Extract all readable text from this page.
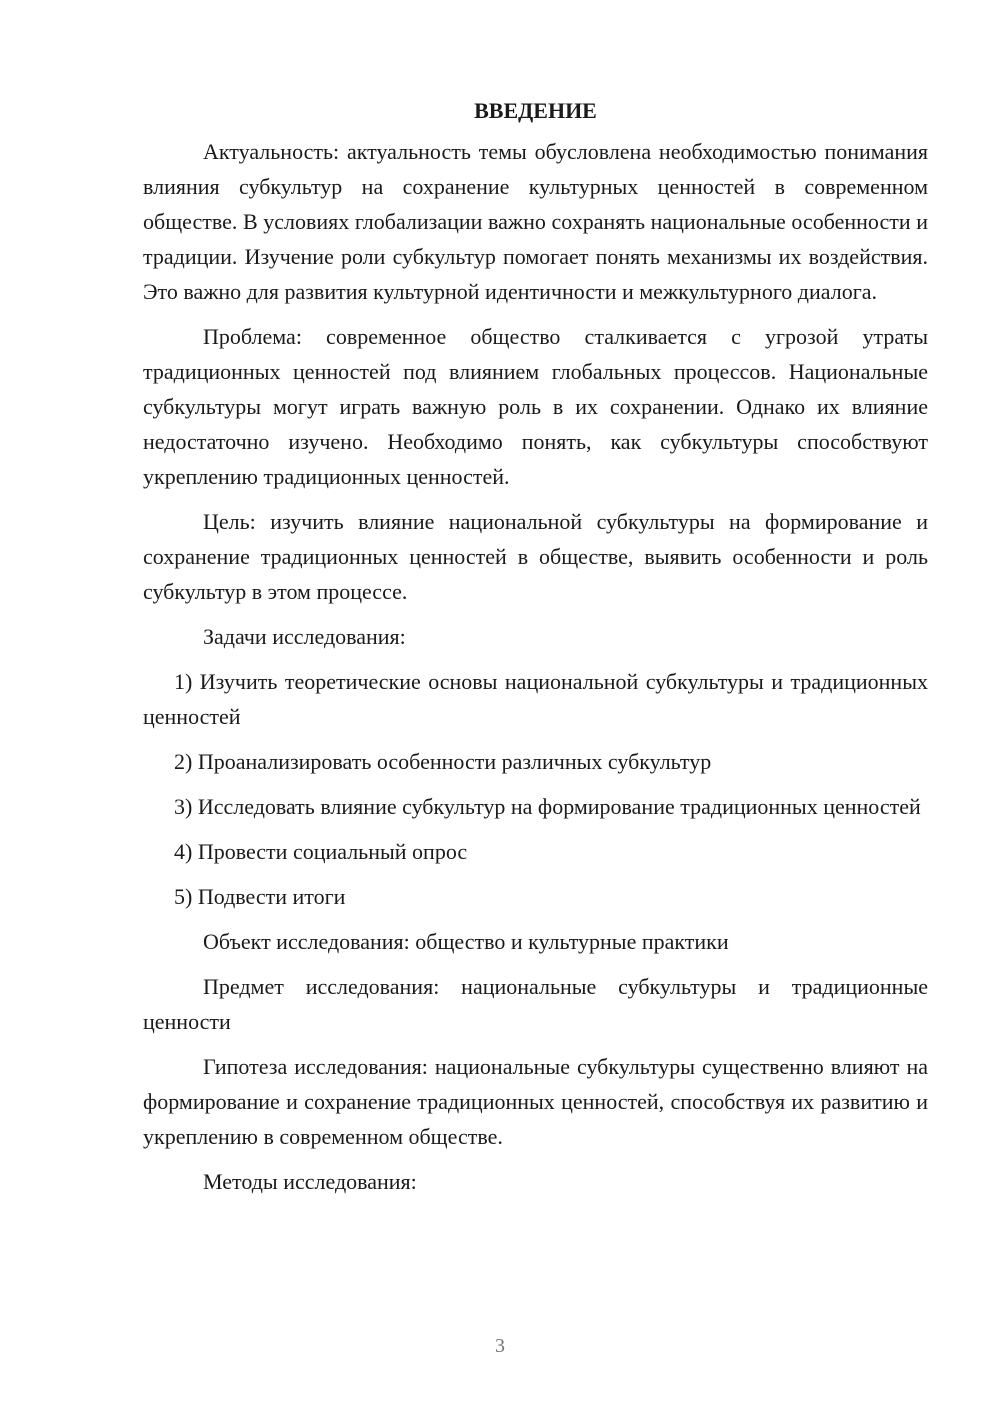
ВВЕДЕНИЕ

Актуальность: актуальность темы обусловлена необходимостью понимания влияния субкультур на сохранение культурных ценностей в современном обществе. В условиях глобализации важно сохранять национальные особенности и традиции. Изучение роли субкультур помогает понять механизмы их воздействия. Это важно для развития культурной идентичности и межкультурного диалога.

Проблема: современное общество сталкивается с угрозой утраты традиционных ценностей под влиянием глобальных процессов. Национальные субкультуры могут играть важную роль в их сохранении. Однако их влияние недостаточно изучено. Необходимо понять, как субкультуры способствуют укреплению традиционных ценностей.

Цель: изучить влияние национальной субкультуры на формирование и сохранение традиционных ценностей в обществе, выявить особенности и роль субкультур в этом процессе.

Задачи исследования:

1) Изучить теоретические основы национальной субкультуры и традиционных ценностей

2) Проанализировать особенности различных субкультур

3) Исследовать влияние субкультур на формирование традиционных ценностей

4) Провести социальный опрос

5) Подвести итоги

Объект исследования: общество и культурные практики

Предмет исследования: национальные субкультуры и традиционные ценности

Гипотеза исследования: национальные субкультуры существенно влияют на формирование и сохранение традиционных ценностей, способствуя их развитию и укреплению в современном обществе.

Методы исследования:

3
